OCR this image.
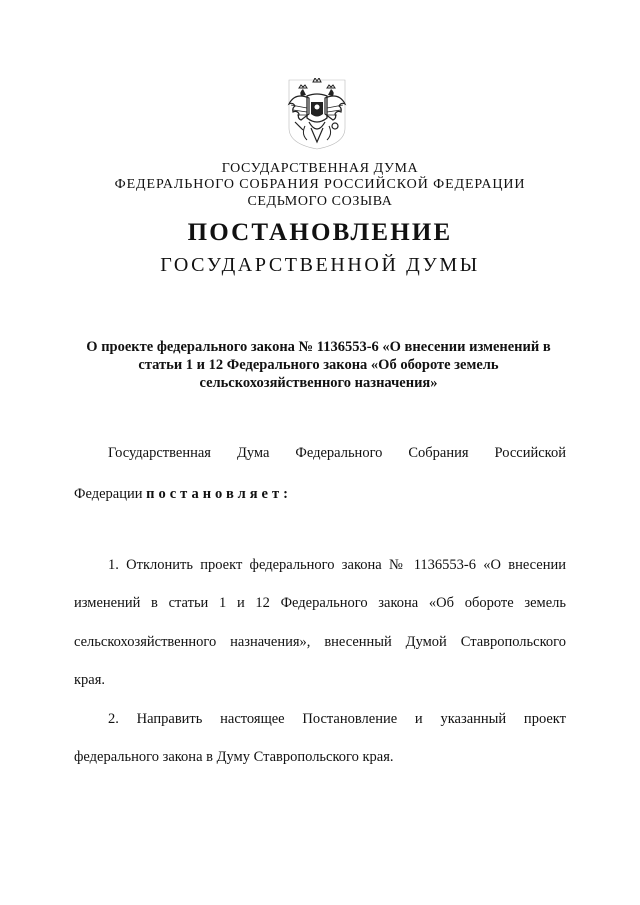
ГОСУДАРСТВЕННАЯ ДУМА
ФЕДЕРАЛЬНОГО СОБРАНИЯ РОССИЙСКОЙ ФЕДЕРАЦИИ
СЕДЬМОГО СОЗЫВА
ПОСТАНОВЛЕНИЕ
ГОСУДАРСТВЕННОЙ ДУМЫ
О проекте федерального закона № 1136553-6 «О внесении изменений в
статьи 1 и 12 Федерального закона «Об обороте земель
сельскохозяйственного назначения»
Государственная Дума Федерального Собрания Российской
Федерации постановляет:
1. Отклонить проект федерального закона № 1136553-6 «О внесении
изменений в статьи 1 и 12 Федерального закона «Об обороте земель
сельскохозяйственного назначения», внесенный Думой Ставропольского
края.
2. Направить настоящее Постановление и указанный проект
федерального закона в Думу Ставропольского края.
